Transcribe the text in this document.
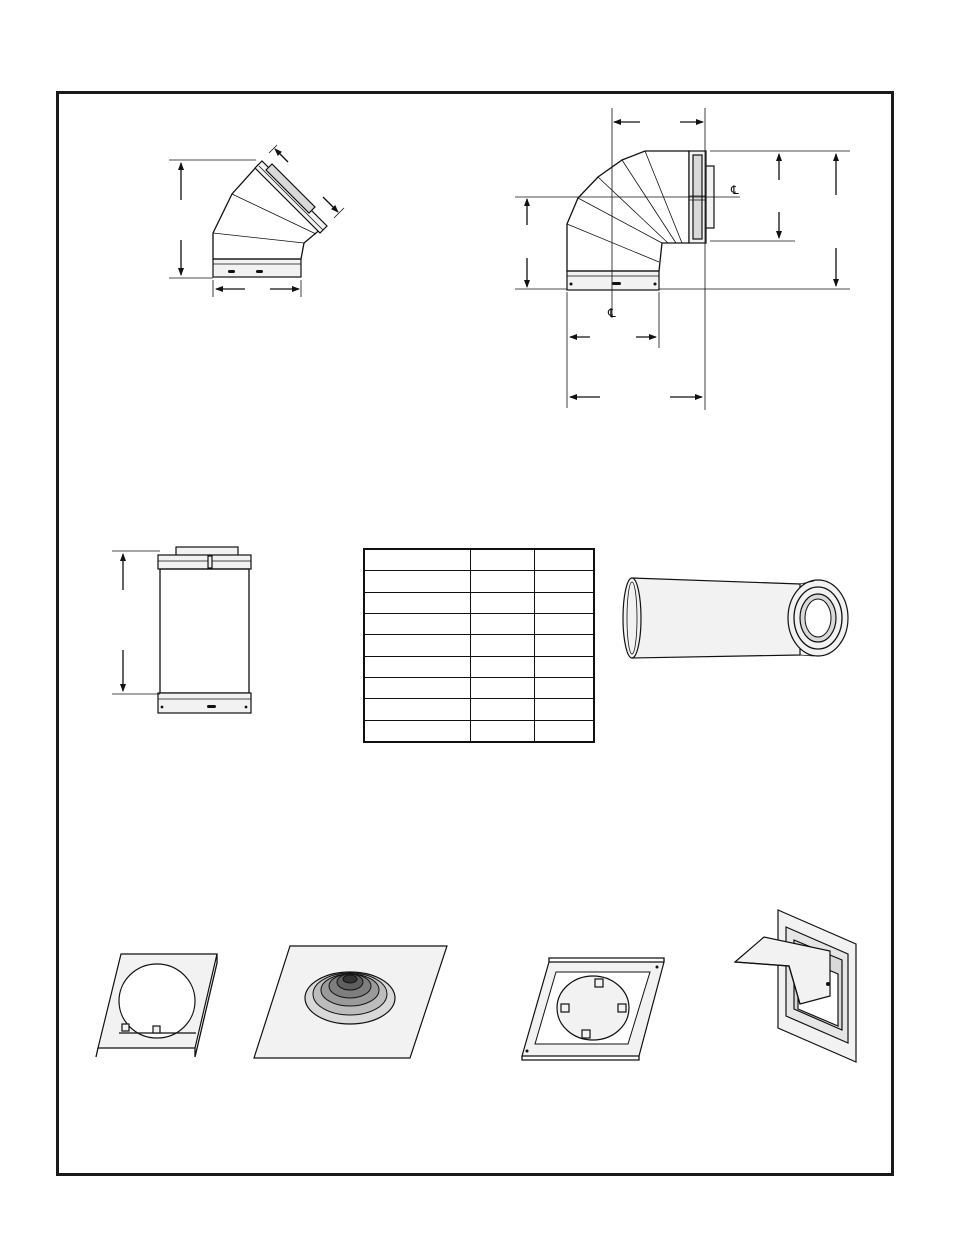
℄
℄
